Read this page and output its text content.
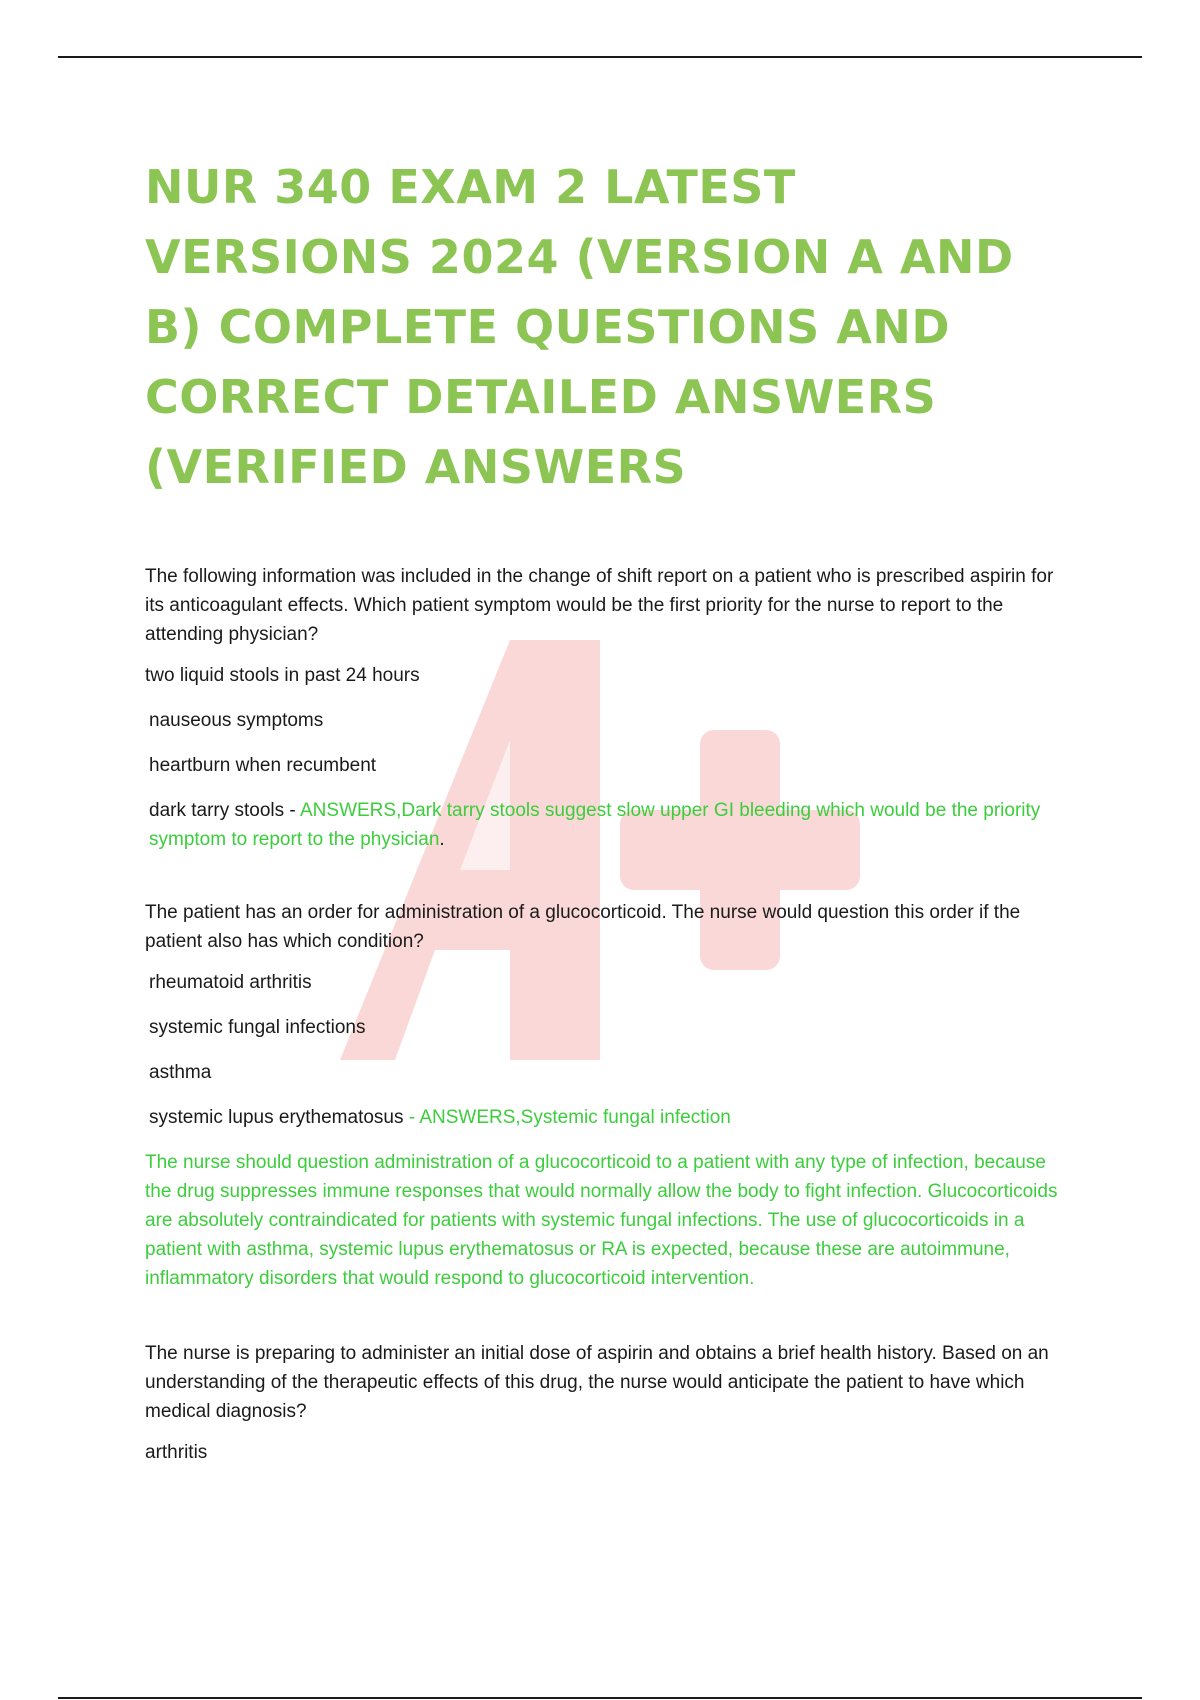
NUR 340 EXAM 2 LATEST VERSIONS 2024 (VERSION A AND B) COMPLETE QUESTIONS AND CORRECT DETAILED ANSWERS (VERIFIED ANSWERS

The following information was included in the change of shift report on a patient who is prescribed aspirin for its anticoagulant effects. Which patient symptom would be the first priority for the nurse to report to the attending physician?

two liquid stools in past 24 hours

nauseous symptoms

heartburn when recumbent

dark tarry stools - ANSWERS,Dark tarry stools suggest slow upper GI bleeding which would be the priority symptom to report to the physician.

The patient has an order for administration of a glucocorticoid. The nurse would question this order if the patient also has which condition?

rheumatoid arthritis

systemic fungal infections

asthma

systemic lupus erythematosus - ANSWERS,Systemic fungal infection

The nurse should question administration of a glucocorticoid to a patient with any type of infection, because the drug suppresses immune responses that would normally allow the body to fight infection. Glucocorticoids are absolutely contraindicated for patients with systemic fungal infections. The use of glucocorticoids in a patient with asthma, systemic lupus erythematosus or RA is expected, because these are autoimmune, inflammatory disorders that would respond to glucocorticoid intervention.

The nurse is preparing to administer an initial dose of aspirin and obtains a brief health history. Based on an understanding of the therapeutic effects of this drug, the nurse would anticipate the patient to have which medical diagnosis?

arthritis
